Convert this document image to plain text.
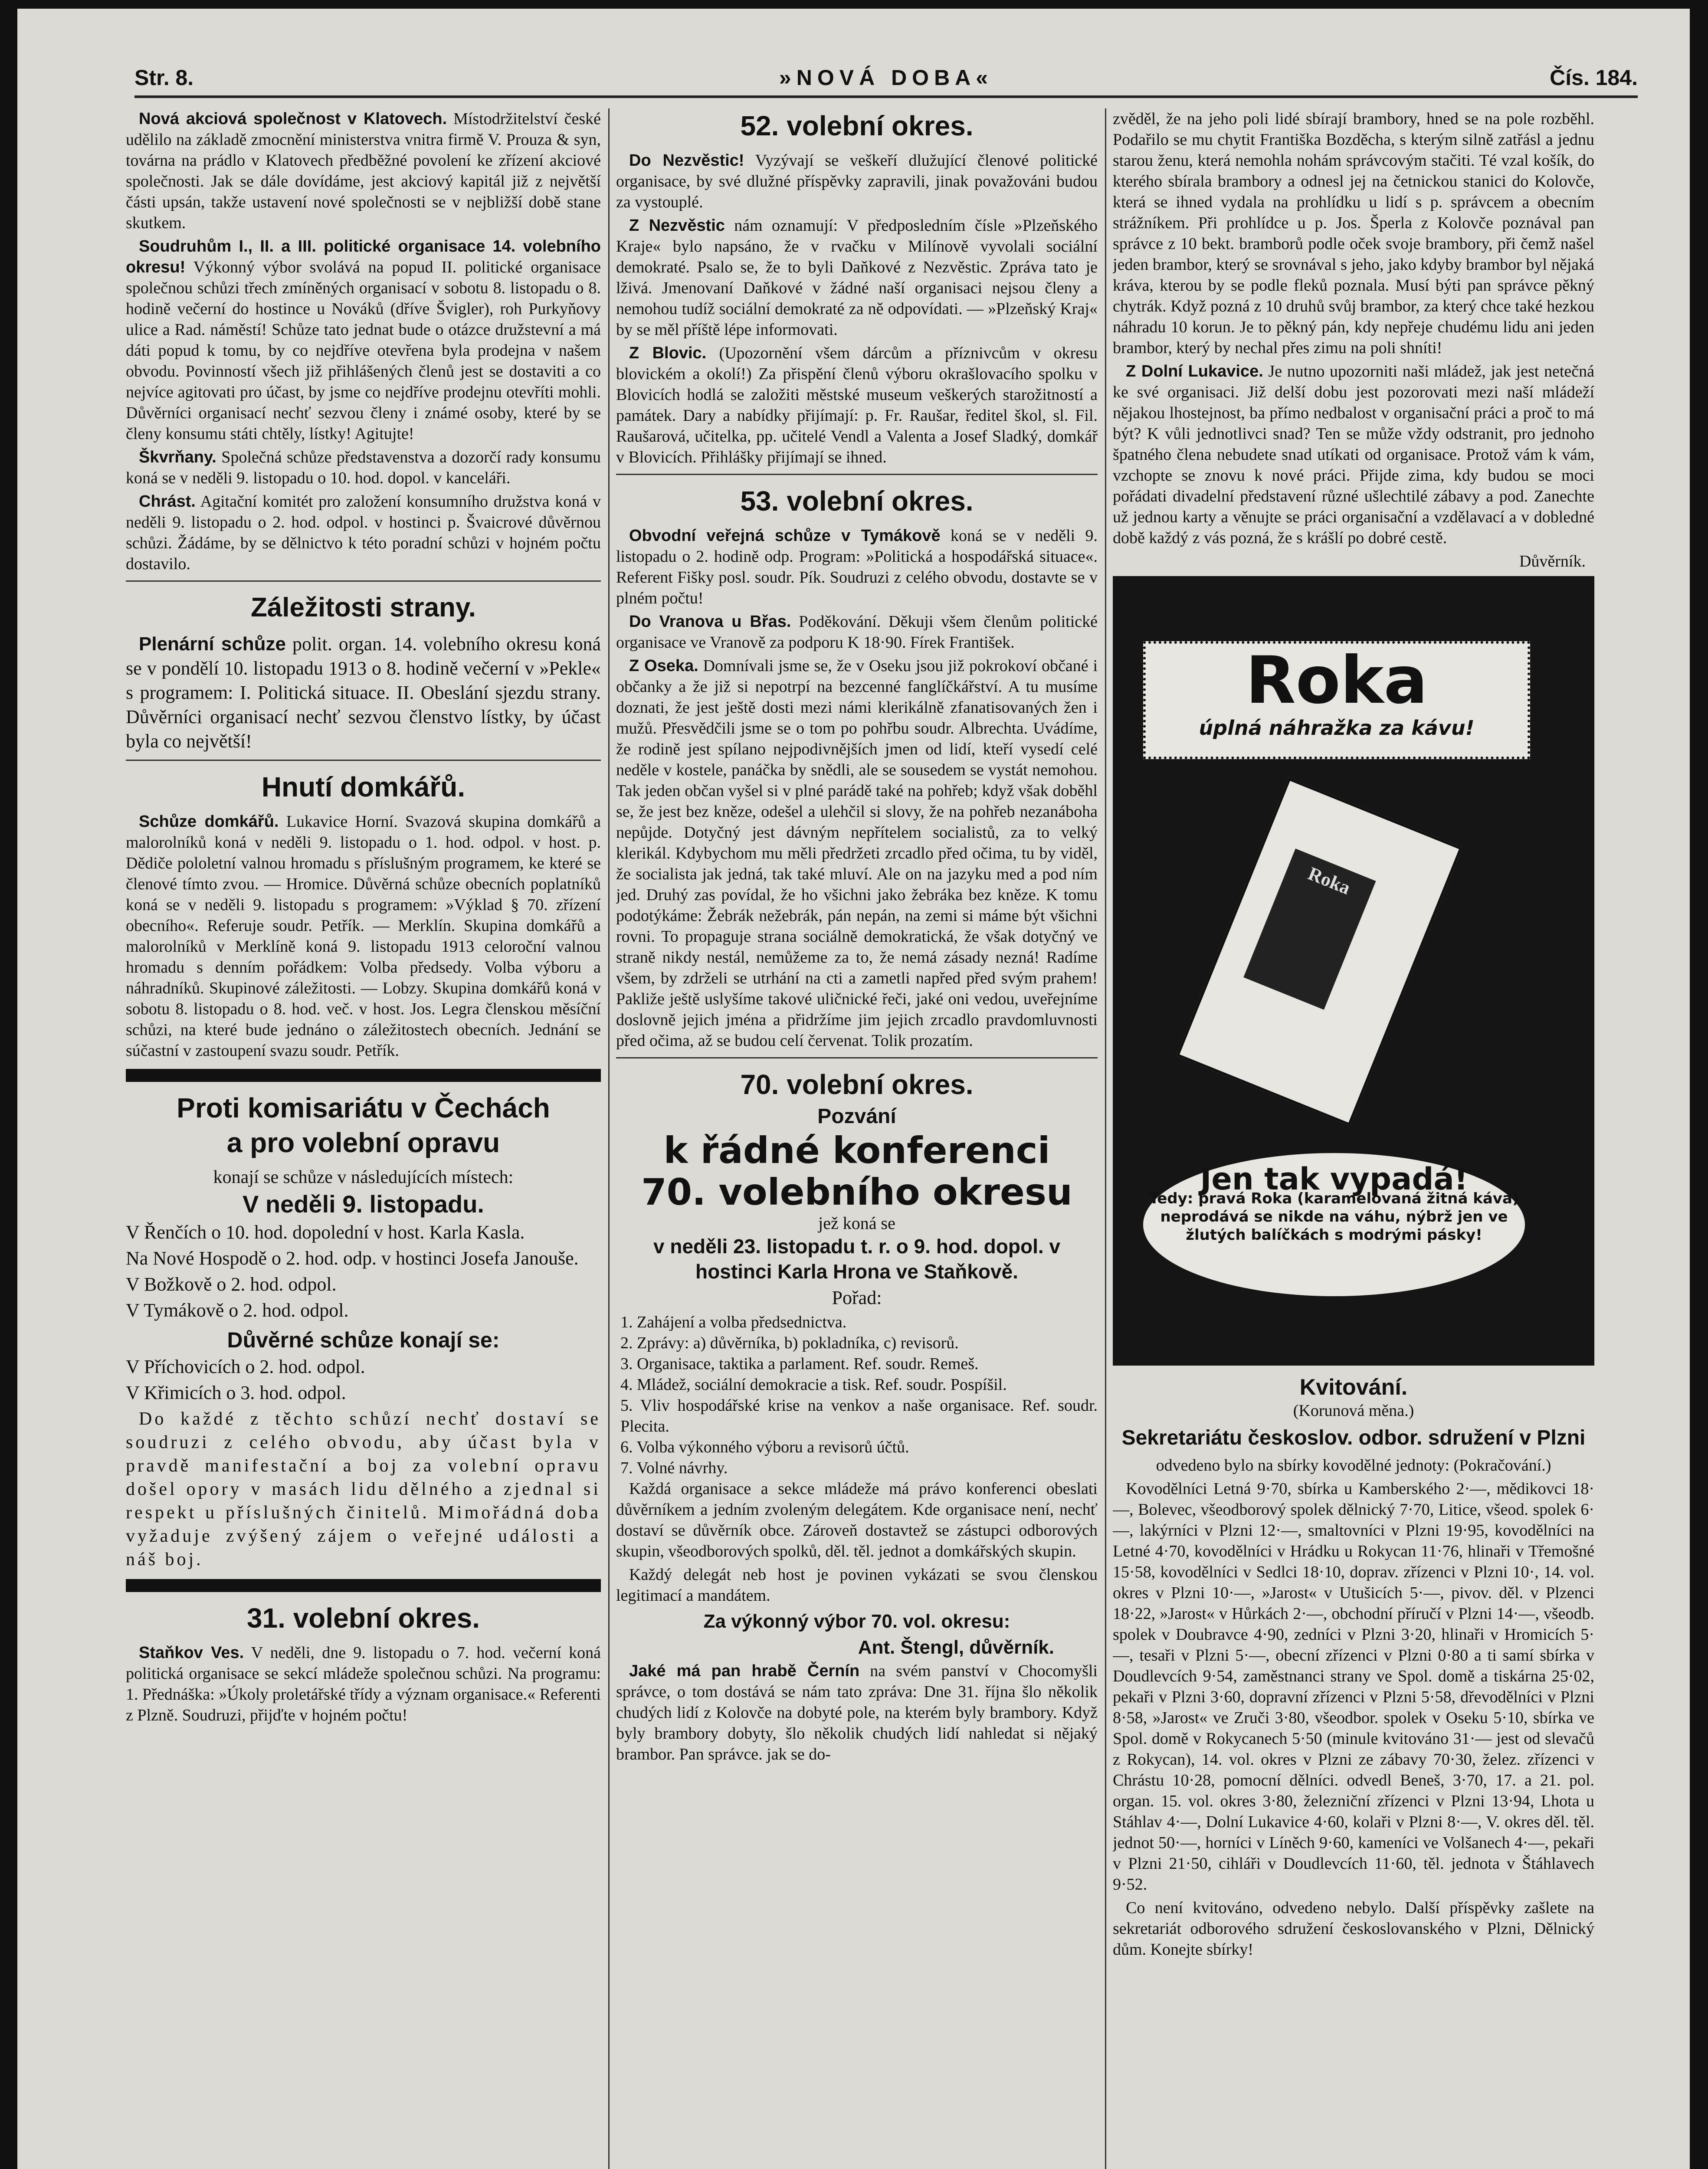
Str. 8.	»NOVÁ DOBA«	Čís. 184.

Nová akciová společnost v Klatovech. Místodržitelství české udělilo na základě zmocnění ministerstva vnitra firmě V. Prouza & syn, továrna na prádlo v Klatovech předběžné povolení ke zřízení akciové společnosti. Jak se dále dovídáme, jest akciový kapitál již z největší části upsán, takže ustavení nové společnosti se v nejbližší době stane skutkem.

Soudruhům I., II. a III. politické organisace 14. volebního okresu! Výkonný výbor svolává na popud II. politické organisace společnou schůzi třech zmíněných organisací v sobotu 8. listopadu o 8. hodině večerní do hostince u Nováků (dříve Švigler), roh Purkyňovy ulice a Rad. náměstí! Schůze tato jednat bude o otázce družstevní a má dáti popud k tomu, by co nejdříve otevřena byla prodejna v našem obvodu. Povinností všech již přihlášených členů jest se dostaviti a co nejvíce agitovati pro účast, by jsme co nejdříve prodejnu otevříti mohli. Důvěrníci organisací nechť sezvou členy i známé osoby, které by se členy konsumu státi chtěly, lístky! Agitujte!

Škvrňany. Společná schůze představenstva a dozorčí rady konsumu koná se v neděli 9. listopadu o 10. hod. dopol. v kanceláři.

Chrást. Agitační komitét pro založení konsumního družstva koná v neděli 9. listopadu o 2. hod. odpol. v hostinci p. Švaicrové důvěrnou schůzi. Žádáme, by se dělnictvo k této poradní schůzi v hojném počtu dostavilo.

Záležitosti strany.

Plenární schůze polit. organ. 14. volebního okresu koná se v pondělí 10. listopadu 1913 o 8. hodině večerní v »Pekle« s programem: I. Politická situace. II. Obeslání sjezdu strany. Důvěrníci organisací nechť sezvou členstvo lístky, by účast byla co největší!

Hnutí domkářů.

Schůze domkářů. Lukavice Horní. Svazová skupina domkářů a malorolníků koná v neděli 9. listopadu o 1. hod. odpol. v host. p. Dědiče pololetní valnou hromadu s příslušným programem, ke které se členové tímto zvou. — Hromice. Důvěrná schůze obecních poplatníků koná se v neděli 9. listopadu s programem: »Výklad § 70. zřízení obecního«. Referuje soudr. Petřík. — Merklín. Skupina domkářů a malorolníků v Merklíně koná 9. listopadu 1913 celoroční valnou hromadu s denním pořádkem: Volba předsedy. Volba výboru a náhradníků. Skupinové záležitosti. — Lobzy. Skupina domkářů koná v sobotu 8. listopadu o 8. hod. več. v host. Jos. Legra členskou měsíční schůzi, na které bude jednáno o záležitostech obecních. Jednání se súčastní v zastoupení svazu soudr. Petřík.

Proti komisariátu v Čechách
a pro volební opravu
konají se schůze v následujících místech:
V neděli 9. listopadu.

V Řenčích o 10. hod. dopolední v host. Karla Kasla.

Na Nové Hospodě o 2. hod. odp. v hostinci Josefa Janouše.

V Božkově o 2. hod. odpol.

V Tymákově o 2. hod. odpol.

Důvěrné schůze konají se:

V Příchovicích o 2. hod. odpol.

V Křimicích o 3. hod. odpol.

Do každé z těchto schůzí nechť dostaví se soudruzi z celého obvodu, aby účast byla v pravdě manifestační a boj za volební opravu došel opory v masách lidu dělného a zjednal si respekt u příslušných činitelů. Mimořádná doba vyžaduje zvýšený zájem o veřejné události a náš boj.

31. volební okres.

Staňkov Ves. V neděli, dne 9. listopadu o 7. hod. večerní koná politická organisace se sekcí mládeže společnou schůzi. Na programu: 1. Přednáška: »Úkoly proletářské třídy a význam organisace.« Referenti z Plzně. Soudruzi, přijďte v hojném počtu!

52. volební okres.

Do Nezvěstic! Vyzývají se veškeří dlužující členové politické organisace, by své dlužné příspěvky zapravili, jinak považováni budou za vystouplé.

Z Nezvěstic nám oznamují: V předposledním čísle »Plzeňského Kraje« bylo napsáno, že v rvačku v Milínově vyvolali sociální demokraté. Psalo se, že to byli Daňkové z Nezvěstic. Zpráva tato je lživá. Jmenovaní Daňkové v žádné naší organisaci nejsou členy a nemohou tudíž sociální demokraté za ně odpovídati. — »Plzeňský Kraj« by se měl příště lépe informovati.

Z Blovic. (Upozornění všem dárcům a příznivcům v okresu blovickém a okolí!) Za přispění členů výboru okrašlovacího spolku v Blovicích hodlá se založiti městské museum veškerých starožitností a památek. Dary a nabídky přijímají: p. Fr. Raušar, ředitel škol, sl. Fil. Raušarová, učitelka, pp. učitelé Vendl a Valenta a Josef Sladký, domkář v Blovicích. Přihlášky přijímají se ihned.

53. volební okres.

Obvodní veřejná schůze v Tymákově koná se v neděli 9. listopadu o 2. hodině odp. Program: »Politická a hospodářská situace«. Referent Fišky posl. soudr. Pík. Soudruzi z celého obvodu, dostavte se v plném počtu!

Do Vranova u Břas. Poděkování. Děkuji všem členům politické organisace ve Vranově za podporu K 18·90. Fírek František.

Z Oseka. Domnívali jsme se, že v Oseku jsou již pokrokoví občané i občanky a že již si nepotrpí na bezcenné fanglíčkářství. A tu musíme doznati, že jest ještě dosti mezi námi klerikálně zfanatisovaných žen i mužů. Přesvědčili jsme se o tom po pohřbu soudr. Albrechta. Uvádíme, že rodině jest spílano nejpodivnějších jmen od lidí, kteří vysedí celé neděle v kostele, panáčka by snědli, ale se sousedem se vystát nemohou. Tak jeden občan vyšel si v plné parádě také na pohřeb; když však doběhl se, že jest bez kněze, odešel a ulehčil si slovy, že na pohřeb nezanáboha nepůjde. Dotyčný jest dávným nepřítelem socialistů, za to velký klerikál. Kdybychom mu měli předržeti zrcadlo před očima, tu by viděl, že socialista jak jedná, tak také mluví. Ale on na jazyku med a pod ním jed. Druhý zas povídal, že ho všichni jako žebráka bez kněze. K tomu podotýkáme: Žebrák nežebrák, pán nepán, na zemi si máme být všichni rovni. To propaguje strana sociálně demokratická, že však dotyčný ve straně nikdy nestál, nemůžeme za to, že nemá zásady nezná! Radíme všem, by zdrželi se utrhání na cti a zametli napřed před svým prahem! Pakliže ještě uslyšíme takové uličnické řeči, jaké oni vedou, uveřejníme doslovně jejich jména a přidržíme jim jejich zrcadlo pravdomluvnosti před očima, až se budou celí červenat. Tolik prozatím.

70. volební okres.
Pozvání
k řádné konferenci
70. volebního okresu
jež koná se
v neděli 23. listopadu t. r. o 9. hod. dopol. v hostinci Karla Hrona ve Staňkově.
Pořad:
1. Zahájení a volba předsednictva.
2. Zprávy: a) důvěrníka, b) pokladníka, c) revisorů.
3. Organisace, taktika a parlament. Ref. soudr. Remeš.
4. Mládež, sociální demokracie a tisk. Ref. soudr. Pospíšil.
5. Vliv hospodářské krise na venkov a naše organisace. Ref. soudr. Plecita.
6. Volba výkonného výboru a revisorů účtů.
7. Volné návrhy.

Každá organisace a sekce mládeže má právo konferenci obeslati důvěrníkem a jedním zvoleným delegátem. Kde organisace není, nechť dostaví se důvěrník obce. Zároveň dostavtež se zástupci odborových skupin, všeodborových spolků, děl. těl. jednot a domkářských skupin.

Každý delegát neb host je povinen vykázati se svou členskou legitimací a mandátem.

Za výkonný výbor 70. vol. okresu:
Ant. Štengl, důvěrník.

Jaké má pan hrabě Černín na svém panství v Chocomyšli správce, o tom dostává se nám tato zpráva: Dne 31. října šlo několik chudých lidí z Kolovče na dobyté pole, na kterém byly brambory. Když byly brambory dobyty, šlo několik chudých lidí nahledat si nějaký brambor. Pan správce. jak se do-

zvěděl, že na jeho poli lidé sbírají brambory, hned se na pole rozběhl. Podařilo se mu chytit Františka Bozděcha, s kterým silně zatřásl a jednu starou ženu, která nemohla nohám správcovým stačiti. Té vzal košík, do kterého sbírala brambory a odnesl jej na četnickou stanici do Kolovče, která se ihned vydala na prohlídku u lidí s p. správcem a obecním strážníkem. Při prohlídce u p. Jos. Šperla z Kolovče poznával pan správce z 10 bekt. bramborů podle oček svoje brambory, při čemž našel jeden brambor, který se srovnával s jeho, jako kdyby brambor byl nějaká kráva, kterou by se podle fleků poznala. Musí býti pan správce pěkný chytrák. Když pozná z 10 druhů svůj brambor, za který chce také hezkou náhradu 10 korun. Je to pěkný pán, kdy nepřeje chudému lidu ani jeden brambor, který by nechal přes zimu na poli shníti!

Z Dolní Lukavice. Je nutno upozorniti naši mládež, jak jest netečná ke své organisaci. Již delší dobu jest pozorovati mezi naší mládeží nějakou lhostejnost, ba přímo nedbalost v organisační práci a proč to má být? K vůli jednotlivci snad? Ten se může vždy odstranit, pro jednoho špatného člena nebudete snad utíkati od organisace. Protož vám k vám, vzchopte se znovu k nové práci. Přijde zima, kdy budou se moci pořádati divadelní představení různé ušlechtilé zábavy a pod. Zanechte už jednou karty a věnujte se práci organisační a vzdělavací a v dobledné době každý z vás pozná, že s krášlí po dobré cestě.

Důvěrník.
Roka
úplná náhražka za kávu!
Roka
Jen tak vypadá!
Tedy: pravá Roka (karamelovaná žitná káva)
neprodává se nikde na váhu, nýbrž jen ve
žlutých balíčkách s modrými pásky!
Kvitování.
(Korunová měna.)
Sekretariátu českoslov. odbor. sdružení v Plzni

odvedeno bylo na sbírky kovodělné jednoty: (Pokračování.)

Kovodělníci Letná 9·70, sbírka u Kamberského 2·—, mědikovci 18·—, Bolevec, všeodborový spolek dělnický 7·70, Litice, všeod. spolek 6·—, lakýrníci v Plzni 12·—, smaltovníci v Plzni 19·95, kovodělníci na Letné 4·70, kovodělníci v Hrádku u Rokycan 11·76, hlinaři v Třemošné 15·58, kovodělníci v Sedlci 18·10, doprav. zřízenci v Plzni 10·, 14. vol. okres v Plzni 10·—, »Jarost« v Utušicích 5·—, pivov. děl. v Plzenci 18·22, »Jarost« v Hůrkách 2·—, obchodní příručí v Plzni 14·—, všeodb. spolek v Doubravce 4·90, zedníci v Plzni 3·20, hlinaři v Hromicích 5·—, tesaři v Plzni 5·—, obecní zřízenci v Plzni 0·80 a ti samí sbírka v Doudlevcích 9·54, zaměstnanci strany ve Spol. domě a tiskárna 25·02, pekaři v Plzni 3·60, dopravní zřízenci v Plzni 5·58, dřevodělníci v Plzni 8·58, »Jarost« ve Zruči 3·80, všeodbor. spolek v Oseku 5·10, sbírka ve Spol. domě v Rokycanech 5·50 (minule kvitováno 31·— jest od slevačů z Rokycan), 14. vol. okres v Plzni ze zábavy 70·30, želez. zřízenci v Chrástu 10·28, pomocní dělníci. odvedl Beneš, 3·70, 17. a 21. pol. organ. 15. vol. okres 3·80, železniční zřízenci v Plzni 13·94, Lhota u Stáhlav 4·—, Dolní Lukavice 4·60, kolaři v Plzni 8·—, V. okres děl. těl. jednot 50·—, horníci v Líněch 9·60, kameníci ve Volšanech 4·—, pekaři v Plzni 21·50, cihláři v Doudlevcích 11·60, těl. jednota v Štáhlavech 9·52.

Co není kvitováno, odvedeno nebylo. Další příspěvky zašlete na sekretariát odborového sdružení českoslovanského v Plzni, Dělnický dům. Konejte sbírky!
